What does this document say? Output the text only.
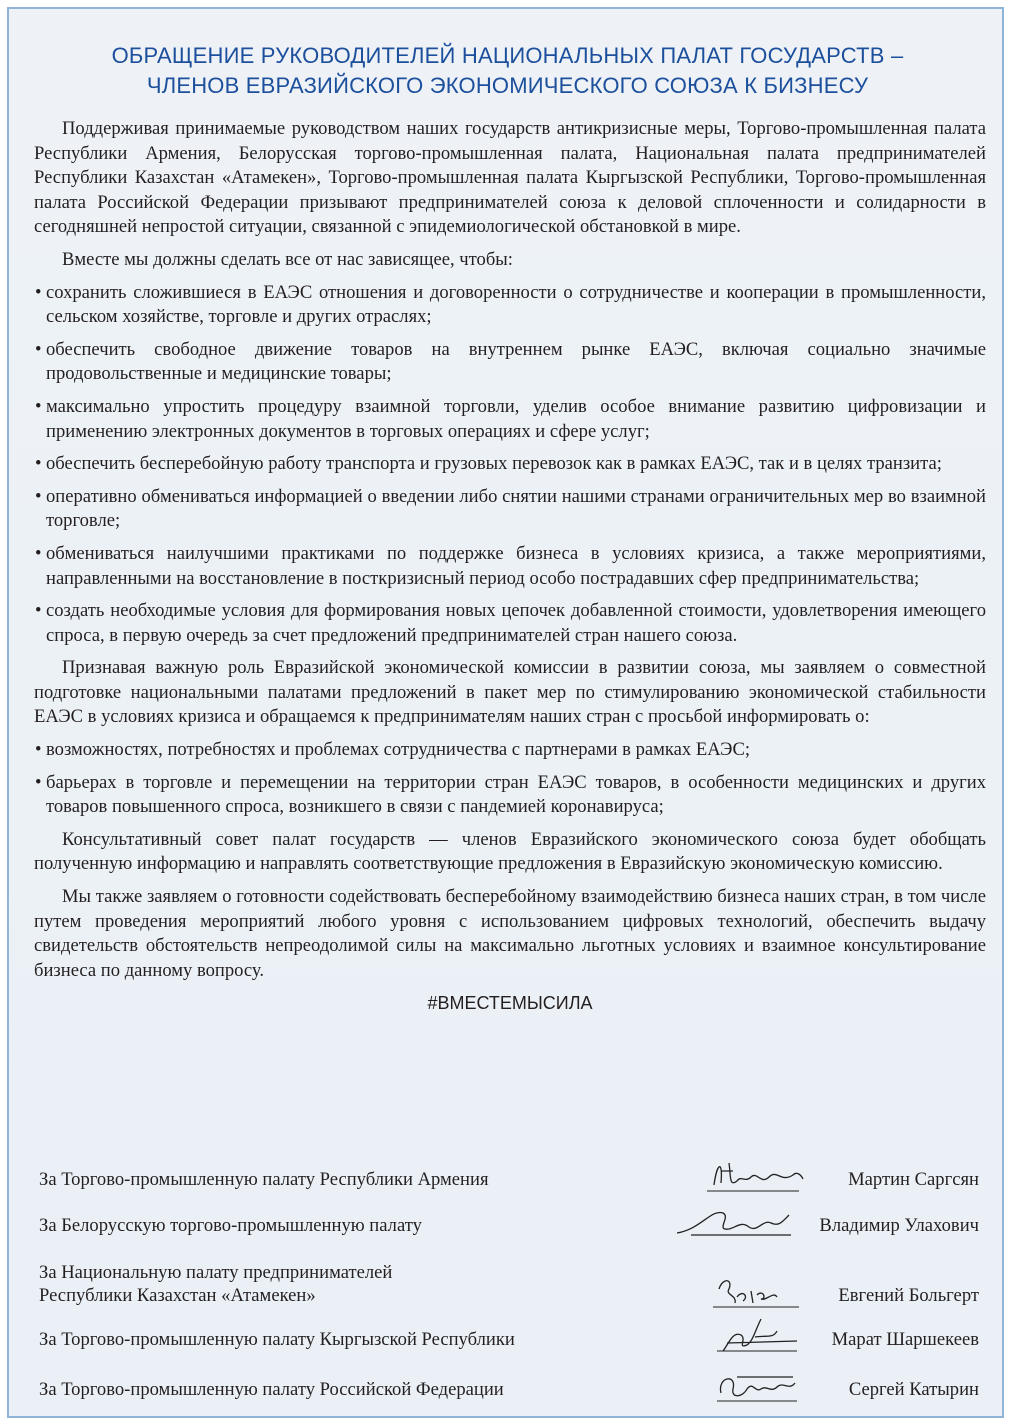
ОБРАЩЕНИЕ РУКОВОДИТЕЛЕЙ НАЦИОНАЛЬНЫХ ПАЛАТ ГОСУДАРСТВ –
ЧЛЕНОВ ЕВРАЗИЙСКОГО ЭКОНОМИЧЕСКОГО СОЮЗА К БИЗНЕСУ

Поддерживая принимаемые руководством наших государств антикризисные меры, Торгово-промышленная палата Республики Армения, Белорусская торгово-промышленная палата, Национальная палата предпринимателей Республики Казахстан «Атамекен», Торгово-промышленная палата Кыргызской Республики, Торгово-промышленная палата Российской Федерации призывают предпринимателей союза к деловой сплоченности и солидарности в сегодняшней непростой ситуации, связанной с эпидемиологической обстановкой в мире.

Вместе мы должны сделать все от нас зависящее, чтобы:

• сохранить сложившиеся в ЕАЭС отношения и договоренности о сотрудничестве и кооперации в промышленности, сельском хозяйстве, торговле и других отраслях;
• обеспечить свободное движение товаров на внутреннем рынке ЕАЭС, включая социально значимые продовольственные и медицинские товары;
• максимально упростить процедуру взаимной торговли, уделив особое внимание развитию цифровизации и применению электронных документов в торговых операциях и сфере услуг;
• обеспечить бесперебойную работу транспорта и грузовых перевозок как в рамках ЕАЭС, так и в целях транзита;
• оперативно обмениваться информацией о введении либо снятии нашими странами ограничительных мер во взаимной торговле;
• обмениваться наилучшими практиками по поддержке бизнеса в условиях кризиса, а также мероприятиями, направленными на восстановление в посткризисный период особо пострадавших сфер предпринимательства;
• создать необходимые условия для формирования новых цепочек добавленной стоимости, удовлетворения имеющего спроса, в первую очередь за счет предложений предпринимателей стран нашего союза.

Признавая важную роль Евразийской экономической комиссии в развитии союза, мы заявляем о совместной подготовке национальными палатами предложений в пакет мер по стимулированию экономической стабильности ЕАЭС в условиях кризиса и обращаемся к предпринимателям наших стран с просьбой информировать о:

• возможностях, потребностях и проблемах сотрудничества с партнерами в рамках ЕАЭС;
• барьерах в торговле и перемещении на территории стран ЕАЭС товаров, в особенности медицинских и других товаров повышенного спроса, возникшего в связи с пандемией коронавируса;

Консультативный совет палат государств — членов Евразийского экономического союза будет обобщать полученную информацию и направлять соответствующие предложения в Евразийскую экономическую комиссию.

Мы также заявляем о готовности содействовать бесперебойному взаимодействию бизнеса наших стран, в том числе путем проведения мероприятий любого уровня с использованием цифровых технологий, обеспечить выдачу свидетельств обстоятельств непреодолимой силы на максимально льготных условиях и взаимное консультирование бизнеса по данному вопросу.

#ВМЕСТЕМЫСИЛА
За Торгово-промышленную палату Республики Армения	Мартин Саргсян
За Белорусскую торгово-промышленную палату	Владимир Улахович
За Национальную палату предпринимателей
Республики Казахстан «Атамекен»	Евгений Больгерт
За Торгово-промышленную палату Кыргызской Республики	Марат Шаршекеев
За Торгово-промышленную палату Российской Федерации	Сергей Катырин
